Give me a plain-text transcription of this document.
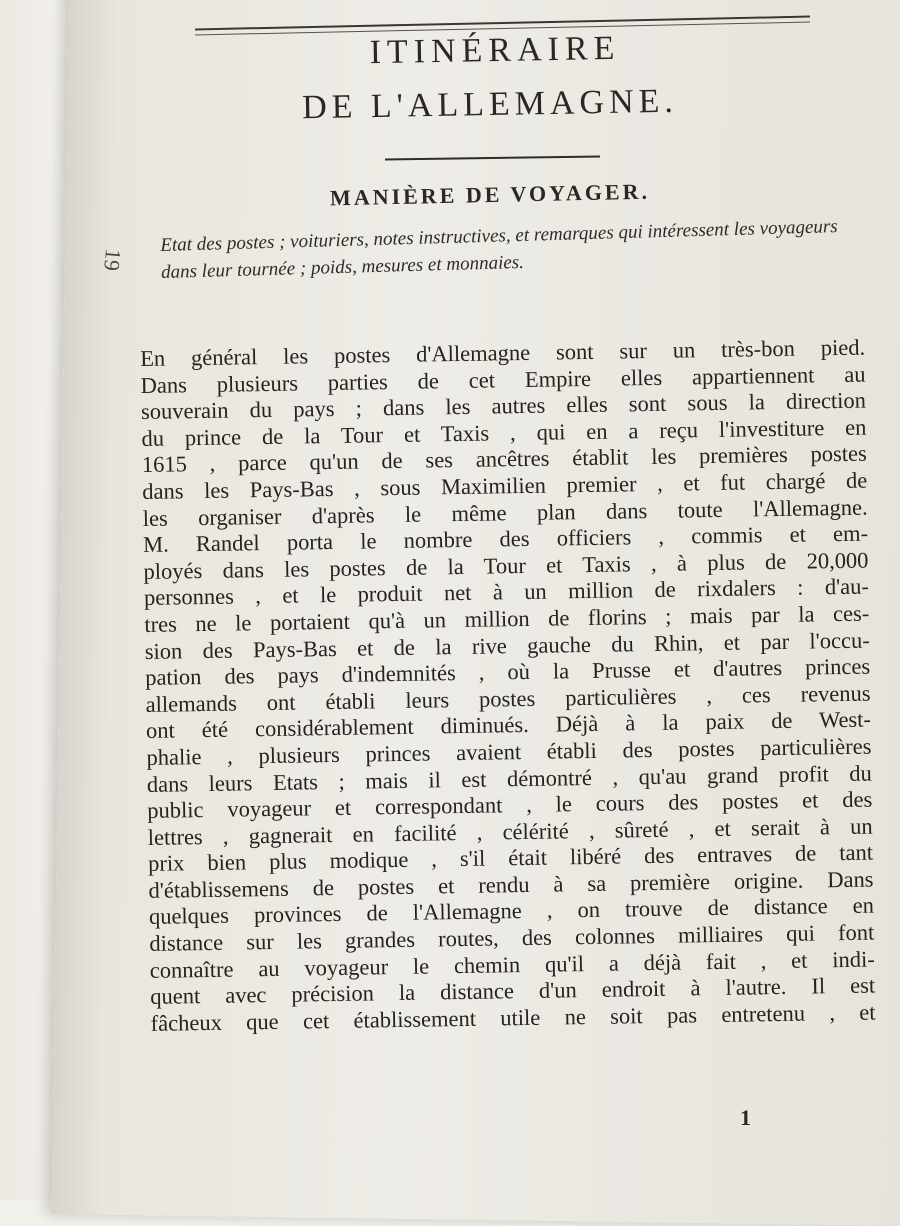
ITINÉRAIRE
DE L'ALLEMAGNE.
MANIÈRE DE VOYAGER.
19
Etat des postes ; voituriers, notes instructives, et remarques qui intéressent les voyageurs dans leur tournée ; poids, mesures et monnaies.
En général les postes d'Allemagne sont sur un très-bon pied.
Dans plusieurs parties de cet Empire elles appartiennent au
souverain du pays ; dans les autres elles sont sous la direction
du prince de la Tour et Taxis , qui en a reçu l'investiture en
1615 , parce qu'un de ses ancêtres établit les premières postes
dans les Pays-Bas , sous Maximilien premier , et fut chargé de
les organiser d'après le même plan dans toute l'Allemagne.
M. Randel porta le nombre des officiers , commis et em-
ployés dans les postes de la Tour et Taxis , à plus de 20,000
personnes , et le produit net à un million de rixdalers : d'au-
tres ne le portaient qu'à un million de florins ; mais par la ces-
sion des Pays-Bas et de la rive gauche du Rhin, et par l'occu-
pation des pays d'indemnités , où la Prusse et d'autres princes
allemands ont établi leurs postes particulières , ces revenus
ont été considérablement diminués. Déjà à la paix de West-
phalie , plusieurs princes avaient établi des postes particulières
dans leurs Etats ; mais il est démontré , qu'au grand profit du
public voyageur et correspondant , le cours des postes et des
lettres , gagnerait en facilité , célérité , sûreté , et serait à un
prix bien plus modique , s'il était libéré des entraves de tant
d'établissemens de postes et rendu à sa première origine. Dans
quelques provinces de l'Allemagne , on trouve de distance en
distance sur les grandes routes, des colonnes milliaires qui font
connaître au voyageur le chemin qu'il a déjà fait , et indi-
quent avec précision la distance d'un endroit à l'autre. Il est
fâcheux que cet établissement utile ne soit pas entretenu , et
1
